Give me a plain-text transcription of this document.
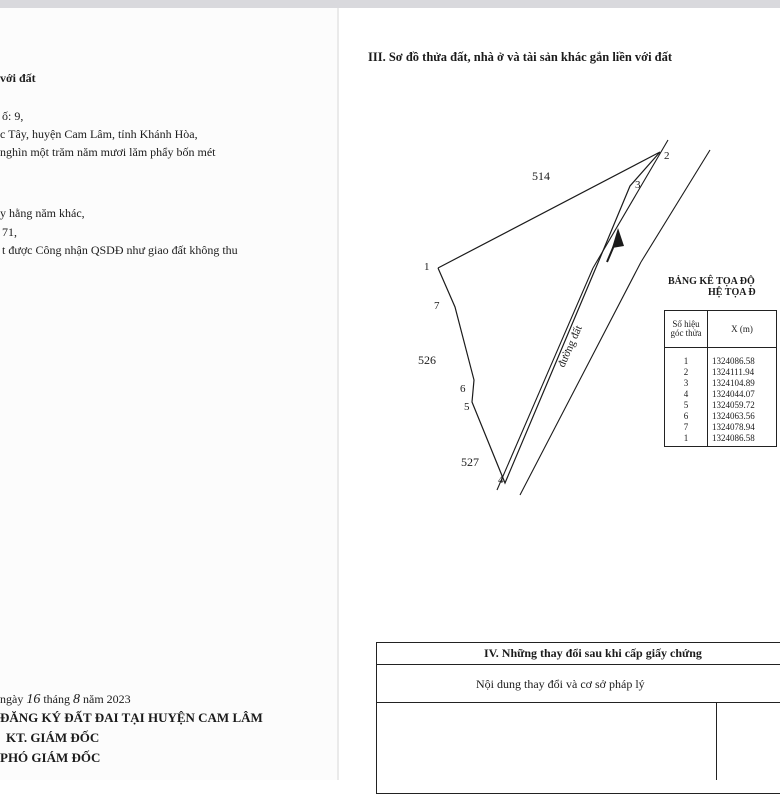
với đất
ố: 9,
c Tây, huyện Cam Lâm, tỉnh Khánh Hòa,
nghìn một trăm năm mươi lăm phẩy bốn mét
y hằng năm khác,
71,
t được Công nhận QSDĐ như giao đất không thu
ngày 16 tháng 8 năm 2023
ĐĂNG KÝ ĐẤT ĐAI TẠI HUYỆN CAM LÂM
KT. GIÁM ĐỐC
PHÓ GIÁM ĐỐC
III. Sơ đồ thửa đất, nhà ở và tài sản khác gắn liền với đất
1
2
3
4
5
6
7
514
526
527
đường đất
BẢNG KÊ TỌA ĐỘ
HỆ TỌA Đ
Số hiệu góc thửa	X (m)
1	1324086.58
2	1324111.94
3	1324104.89
4	1324044.07
5	1324059.72
6	1324063.56
7	1324078.94
1	1324086.58
IV. Những thay đổi sau khi cấp giấy chứng
Nội dung thay đổi và cơ sở pháp lý
